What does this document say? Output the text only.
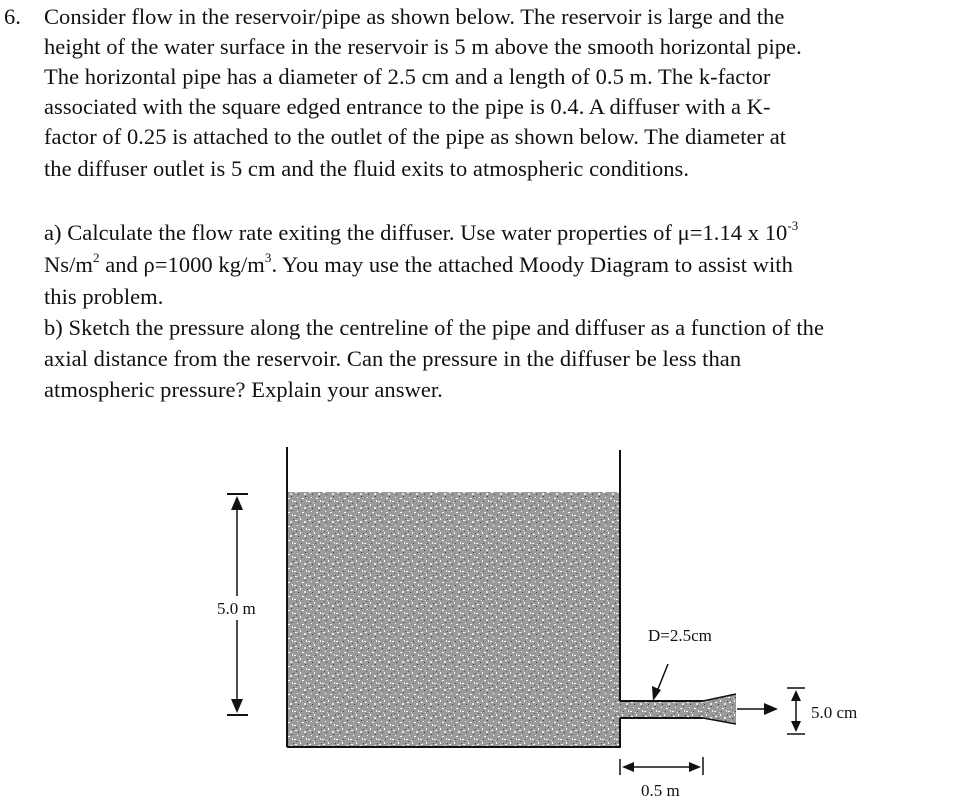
6. Consider flow in the reservoir/pipe as shown below. The reservoir is large and the
height of the water surface in the reservoir is 5 m above the smooth horizontal pipe.
The horizontal pipe has a diameter of 2.5 cm and a length of 0.5 m. The k-factor
associated with the square edged entrance to the pipe is 0.4. A diffuser with a K-
factor of 0.25 is attached to the outlet of the pipe as shown below. The diameter at
the diffuser outlet is 5 cm and the fluid exits to atmospheric conditions.
a) Calculate the flow rate exiting the diffuser. Use water properties of μ=1.14 x $10^{-3}$
$Ns/m^2$ and ρ=1000 $kg/m^3$. You may use the attached Moody Diagram to assist with
this problem.
b) Sketch the pressure along the centreline of the pipe and diffuser as a function of the
axial distance from the reservoir. Can the pressure in the diffuser be less than
atmospheric pressure? Explain your answer.
5.0 m
D=2.5cm
5.0 cm
0.5 m
